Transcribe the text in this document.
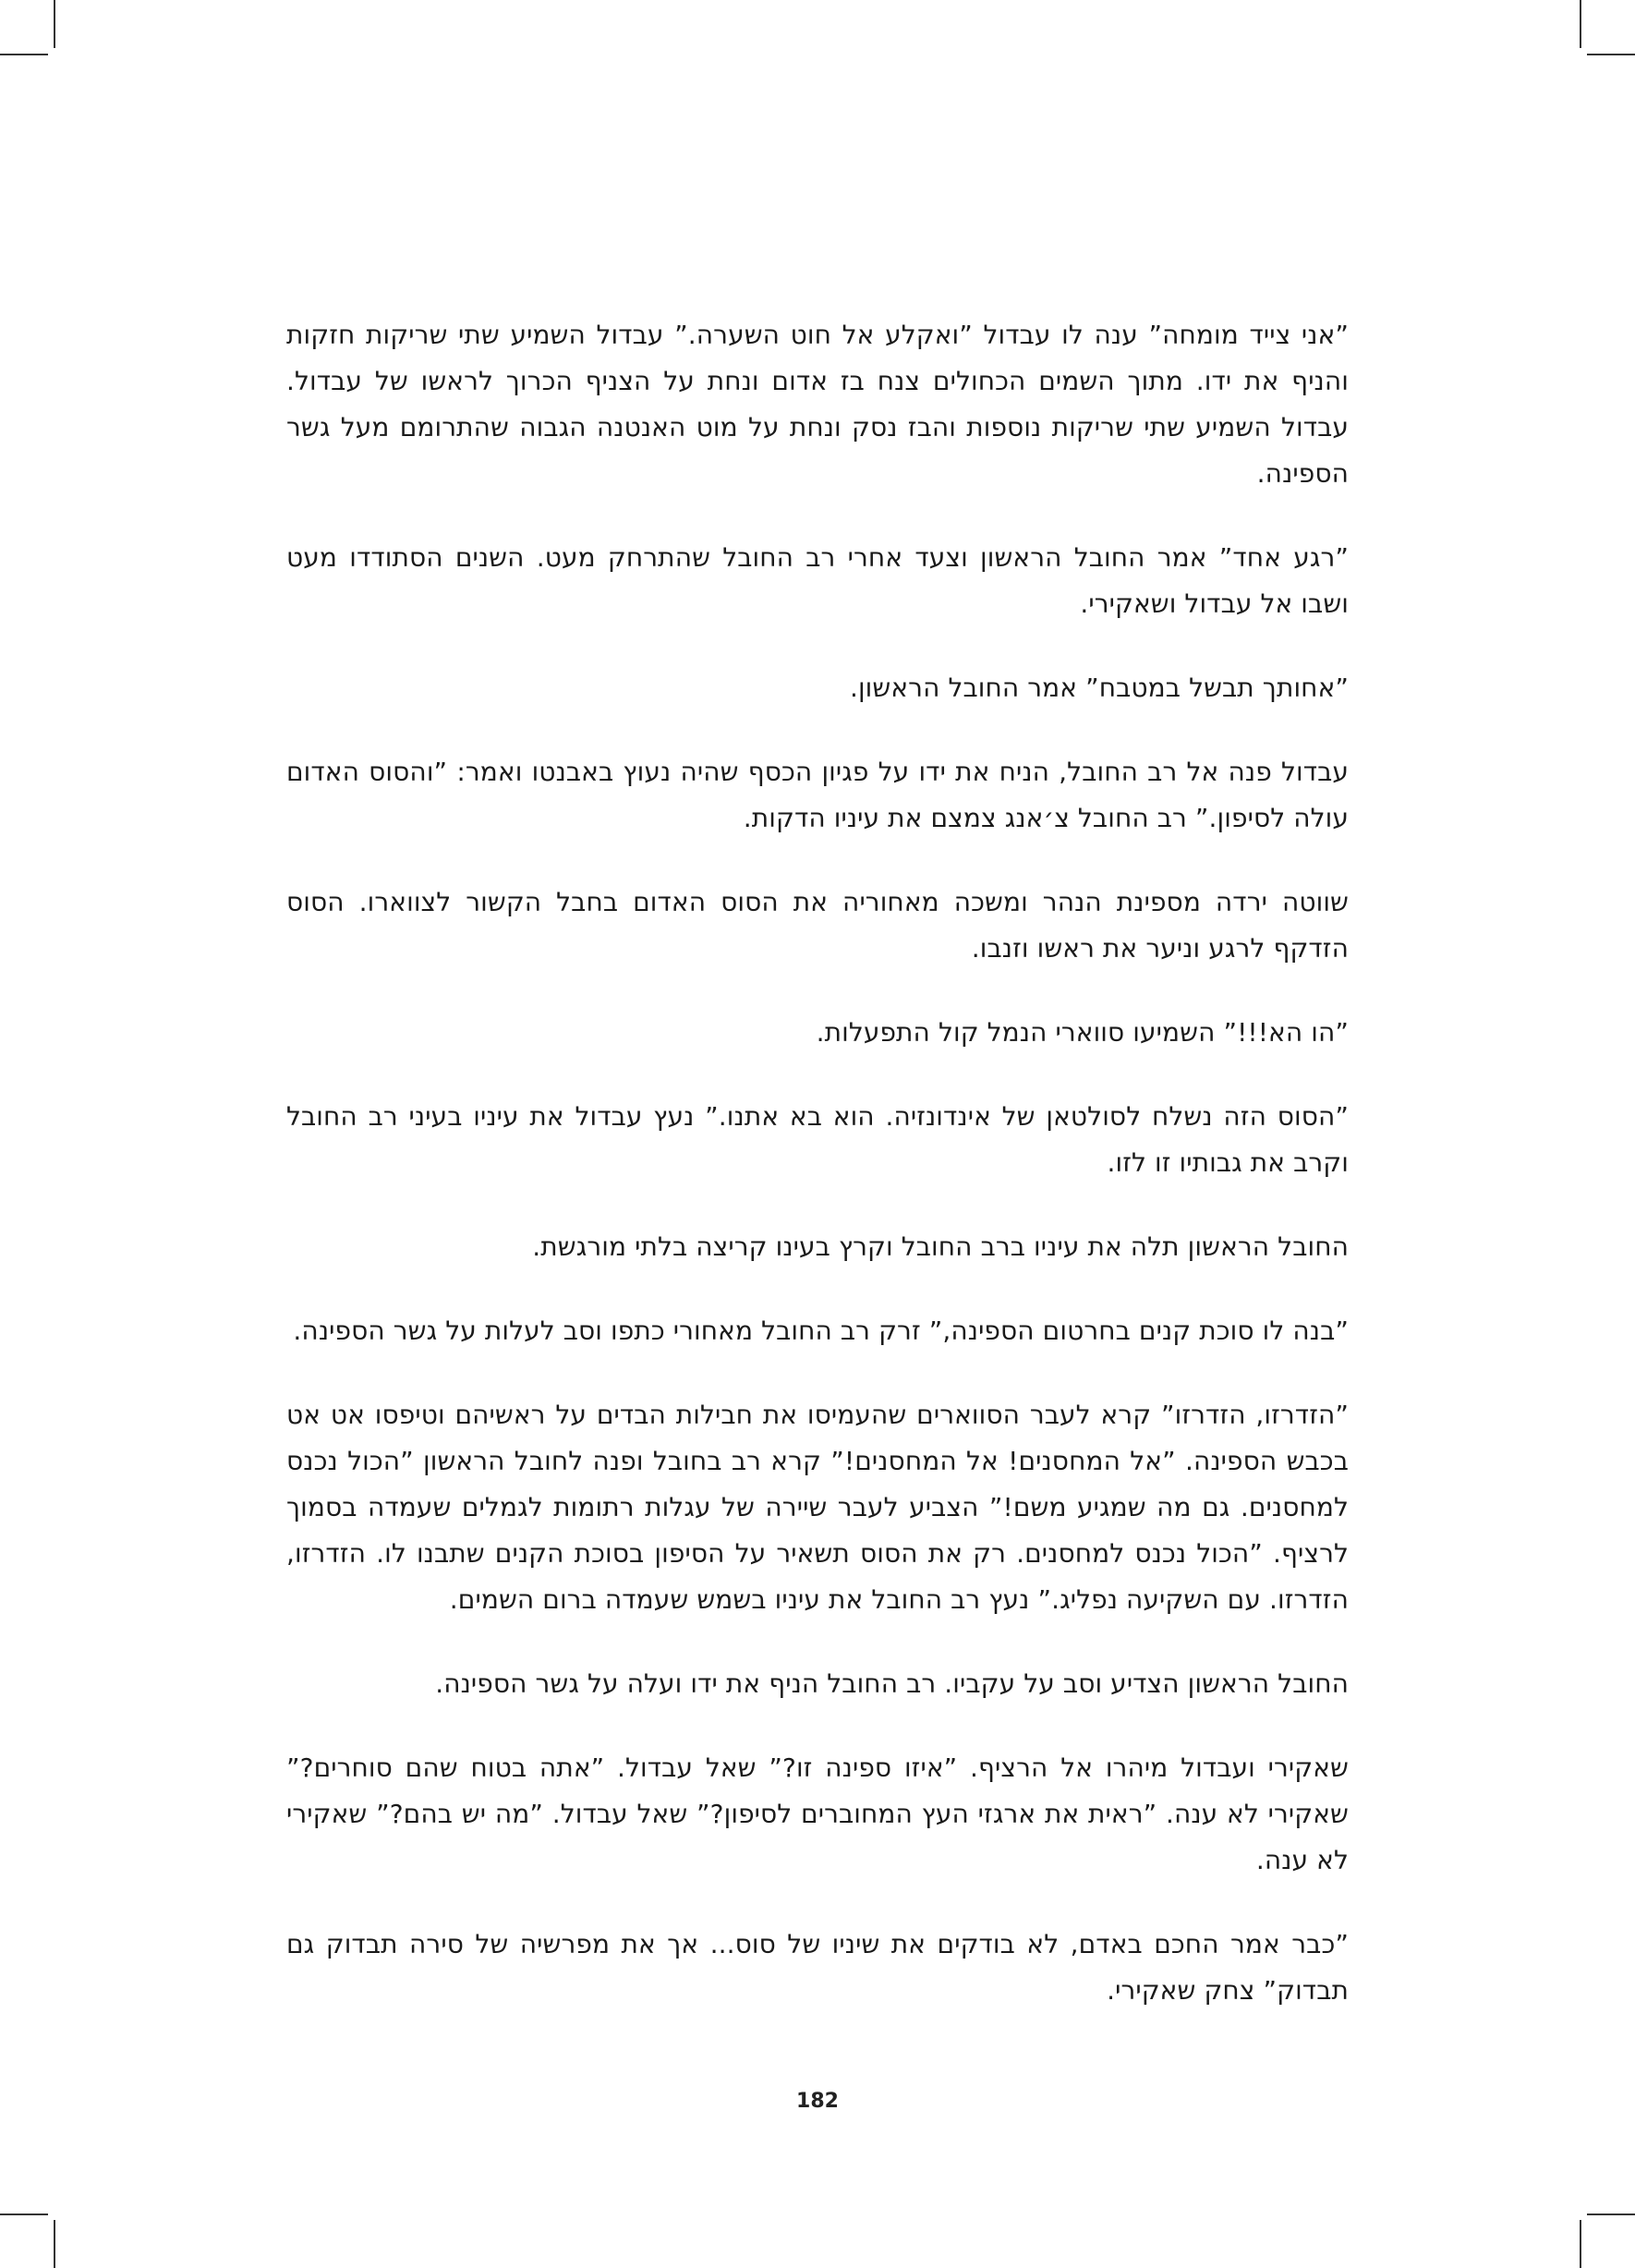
”אני צייד מומחה” ענה לו עבדול ”ואקלע אל חוט השערה.” עבדול השמיע שתי שריקות חזקות והניף את ידו. מתוך השמים הכחולים צנח בז אדום ונחת על הצניף הכרוך לראשו של עבדול. עבדול השמיע שתי שריקות נוספות והבז נסק ונחת על מוט האנטנה הגבוה שהתרומם מעל גשר הספינה.

”רגע אחד” אמר החובל הראשון וצעד אחרי רב החובל שהתרחק מעט. השנים הסתודדו מעט ושבו אל עבדול ושאקירי.

”אחותך תבשל במטבח” אמר החובל הראשון.

עבדול פנה אל רב החובל, הניח את ידו על פגיון הכסף שהיה נעוץ באבנטו ואמר: ”והסוס האדום עולה לסיפון.” רב החובל צ׳אנג צמצם את עיניו הדקות.

שווטה ירדה מספינת הנהר ומשכה מאחוריה את הסוס האדום בחבל הקשור לצווארו. הסוס הזדקף לרגע וניער את ראשו וזנבו.

”הו הא!!!” השמיעו סווארי הנמל קול התפעלות.

”הסוס הזה נשלח לסולטאן של אינדונזיה. הוא בא אתנו.” נעץ עבדול את עיניו בעיני רב החובל וקרב את גבותיו זו לזו.

החובל הראשון תלה את עיניו ברב החובל וקרץ בעינו קריצה בלתי מורגשת.

”בנה לו סוכת קנים בחרטום הספינה,” זרק רב החובל מאחורי כתפו וסב לעלות על גשר הספינה.

”הזדרזו, הזדרזו” קרא לעבר הסווארים שהעמיסו את חבילות הבדים על ראשיהם וטיפסו אט אט בכבש הספינה. ”אל המחסנים! אל המחסנים!” קרא רב בחובל ופנה לחובל הראשון ”הכול נכנס למחסנים. גם מה שמגיע משם!” הצביע לעבר שיירה של עגלות רתומות לגמלים שעמדה בסמוך לרציף. ”הכול נכנס למחסנים. רק את הסוס תשאיר על הסיפון בסוכת הקנים שתבנו לו. הזדרזו, הזדרזו. עם השקיעה נפליג.” נעץ רב החובל את עיניו בשמש שעמדה ברום השמים.

החובל הראשון הצדיע וסב על עקביו. רב החובל הניף את ידו ועלה על גשר הספינה.

שאקירי ועבדול מיהרו אל הרציף. ”איזו ספינה זו?” שאל עבדול. ”אתה בטוח שהם סוחרים?” שאקירי לא ענה. ”ראית את ארגזי העץ המחוברים לסיפון?” שאל עבדול. ”מה יש בהם?” שאקירי לא ענה.

”כבר אמר החכם באדם, לא בודקים את שיניו של סוס... אך את מפרשיה של סירה תבדוק גם תבדוק” צחק שאקירי.

182
